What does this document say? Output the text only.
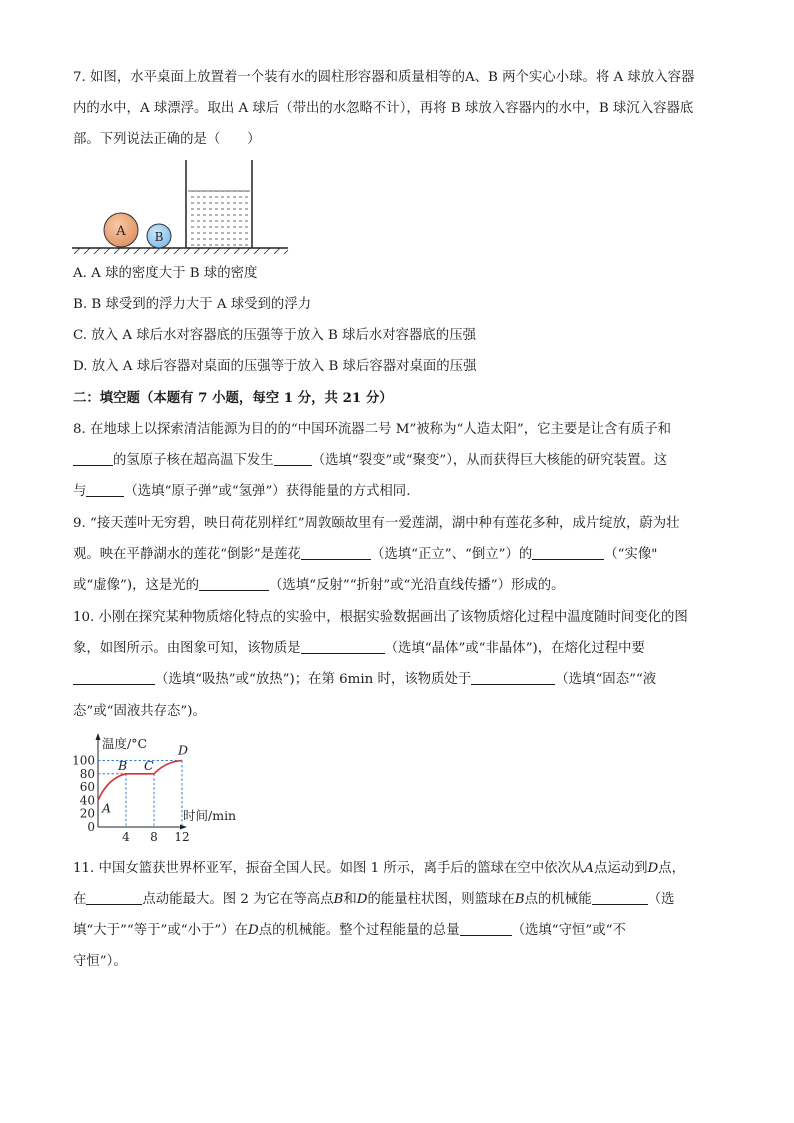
7. 如图，水平桌面上放置着一个装有水的圆柱形容器和质量相等的A、B 两个实心小球。将 A 球放入容器
内的水中，A 球漂浮。取出 A 球后（带出的水忽略不计），再将 B 球放入容器内的水中，B 球沉入容器底
部。下列说法正确的是（　　）
A B
A. A 球的密度大于 B 球的密度
B. B 球受到的浮力大于 A 球受到的浮力
C. 放入 A 球后水对容器底的压强等于放入 B 球后水对容器底的压强
D. 放入 A 球后容器对桌面的压强等于放入 B 球后容器对桌面的压强
二：填空题（本题有 7 小题，每空 1 分，共 21 分）
8. 在地球上以探索清洁能源为目的的“中国环流器二号 M”被称为“人造太阳”，它主要是让含有质子和
的氢原子核在超高温下发生	（选填“裂变”或“聚变”），从而获得巨大核能的研究装置。这
与	（选填“原子弹”或“氢弹”）获得能量的方式相同.
9. “接天莲叶无穷碧，映日荷花别样红”周敦颐故里有一爱莲湖，湖中种有莲花多种，成片绽放，蔚为壮
观。映在平静湖水的莲花“倒影”是莲花	（选填“正立”、“倒立”）的	（“实像"
或“虚像”)，这是光的	（选填“反射”“折射”或“光沿直线传播”）形成的。
10. 小刚在探究某种物质熔化特点的实验中，根据实验数据画出了该物质熔化过程中温度随时间变化的图
象，如图所示。由图象可知，该物质是	（选填“晶体”或“非晶体”)，在熔化过程中要
（选填“吸热”或“放热”)；在第 6min 时，该物质处于	（选填“固态”“液
态”或“固液共存态”)。
温度/°C
时间/min
100
80
60
40
20
0
4 8 12
A
B C
D
11. 中国女篮获世界杯亚军，振奋全国人民。如图 1 所示，离手后的篮球在空中依次从A点运动到D点，
在	点动能最大。图 2 为它在等高点B和D的能量柱状图，则篮球在B点的机械能	（选
填“大于”“等于”或“小于”）在D点的机械能。整个过程能量的总量	（选填“守恒”或“不
守恒”）。
